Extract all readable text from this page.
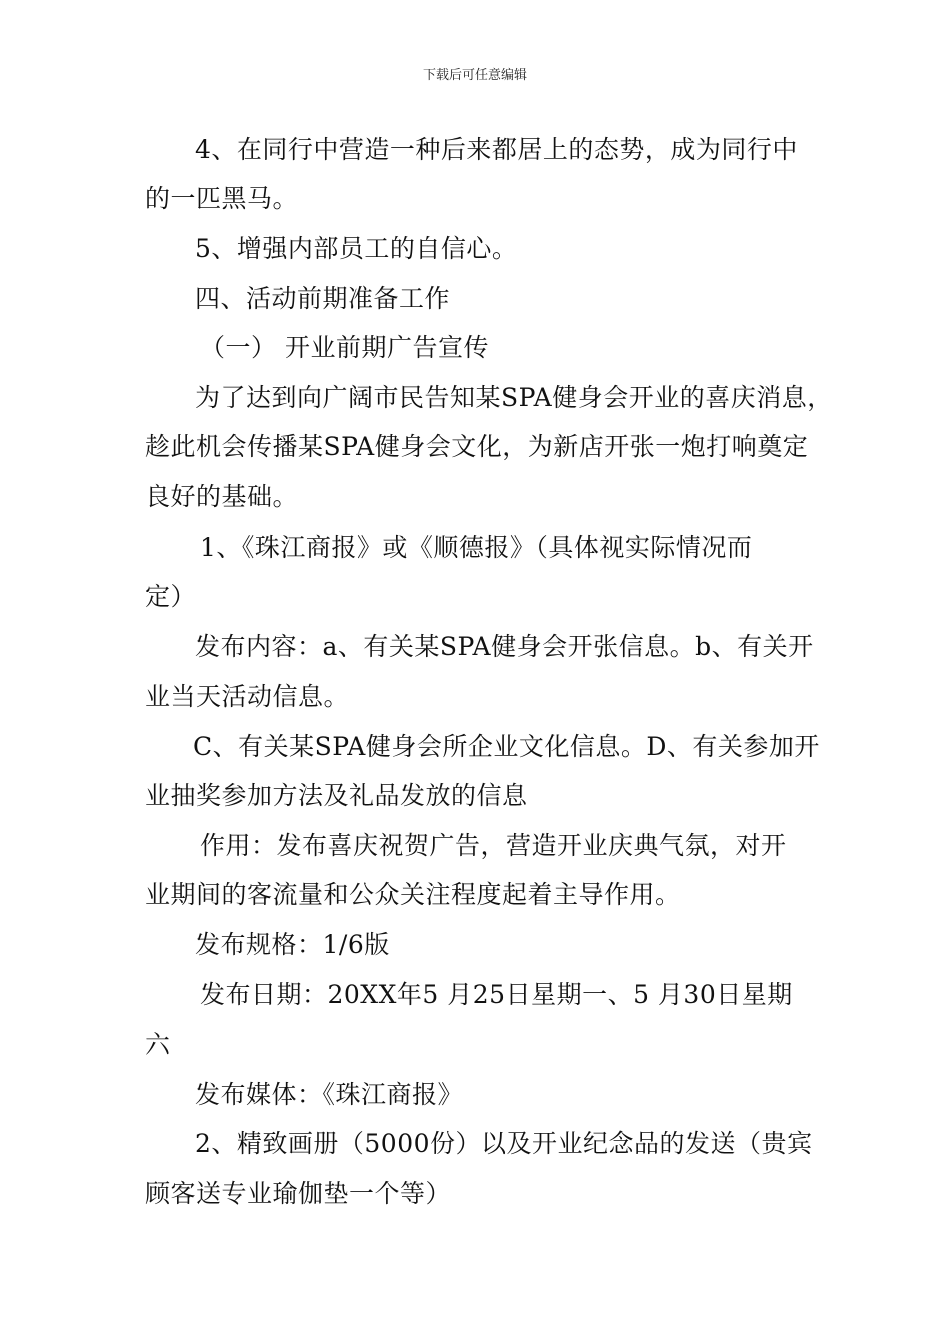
下载后可任意编辑

4、在同行中营造一种后来都居上的态势，成为同行中

的一匹黑马。

5、增强内部员工的自信心。

四、活动前期准备工作

（一） 开业前期广告宣传

为了达到向广阔市民告知某SPA健身会开业的喜庆消息，

趁此机会传播某SPA健身会文化，为新店开张一炮打响奠定

良好的基础。

1、《珠江商报》或《顺德报》（具体视实际情况而

定）

发布内容：a、有关某SPA健身会开张信息。b、有关开

业当天活动信息。

C、有关某SPA健身会所企业文化信息。D、有关参加开

业抽奖参加方法及礼品发放的信息

作用：发布喜庆祝贺广告，营造开业庆典气氛，对开

业期间的客流量和公众关注程度起着主导作用。

发布规格：1/6版

发布日期：20XX年5 月25日星期一、5 月30日星期

六

发布媒体：《珠江商报》

2、精致画册（5000份）以及开业纪念品的发送（贵宾

顾客送专业瑜伽垫一个等）
